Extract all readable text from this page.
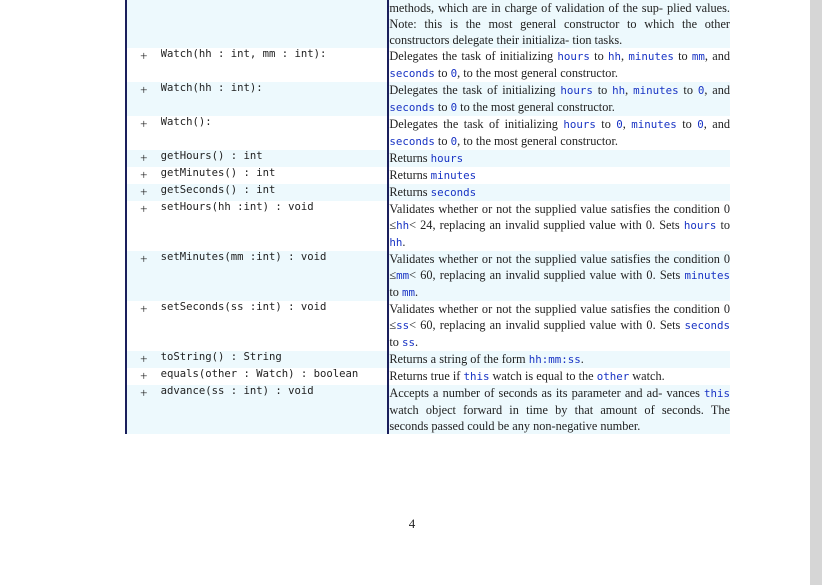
				methods, which are in charge of validation of the sup- plied values. Note: this is the most general constructor to which the other constructors delegate their initializa- tion tasks.
	+	Watch(hh : int, mm : int):		Delegates the task of initializing hours to hh, minutes to mm, and seconds to 0, to the most general constructor.
	+	Watch(hh : int):		Delegates the task of initializing hours to hh, minutes to 0, and seconds to 0 to the most general constructor.
	+	Watch():		Delegates the task of initializing hours to 0, minutes to 0, and seconds to 0, to the most general constructor.
	+	getHours() : int		Returns hours
	+	getMinutes() : int		Returns minutes
	+	getSeconds() : int		Returns seconds
	+	setHours(hh :int) : void		Validates whether or not the supplied value satisfies the condition 0 ≤hh< 24, replacing an invalid supplied value with 0. Sets hours to hh.
	+	setMinutes(mm :int) : void		Validates whether or not the supplied value satisfies the condition 0 ≤mm< 60, replacing an invalid supplied value with 0. Sets minutes to mm.
	+	setSeconds(ss :int) : void		Validates whether or not the supplied value satisfies the condition 0 ≤ss< 60, replacing an invalid supplied value with 0. Sets seconds to ss.
	+	toString() : String		Returns a string of the form hh:mm:ss.
	+	equals(other : Watch) : boolean		Returns true if this watch is equal to the other watch.
	+	advance(ss : int) : void		Accepts a number of seconds as its parameter and ad- vances this watch object forward in time by that amount of seconds. The seconds passed could be any non-negative number.
4
